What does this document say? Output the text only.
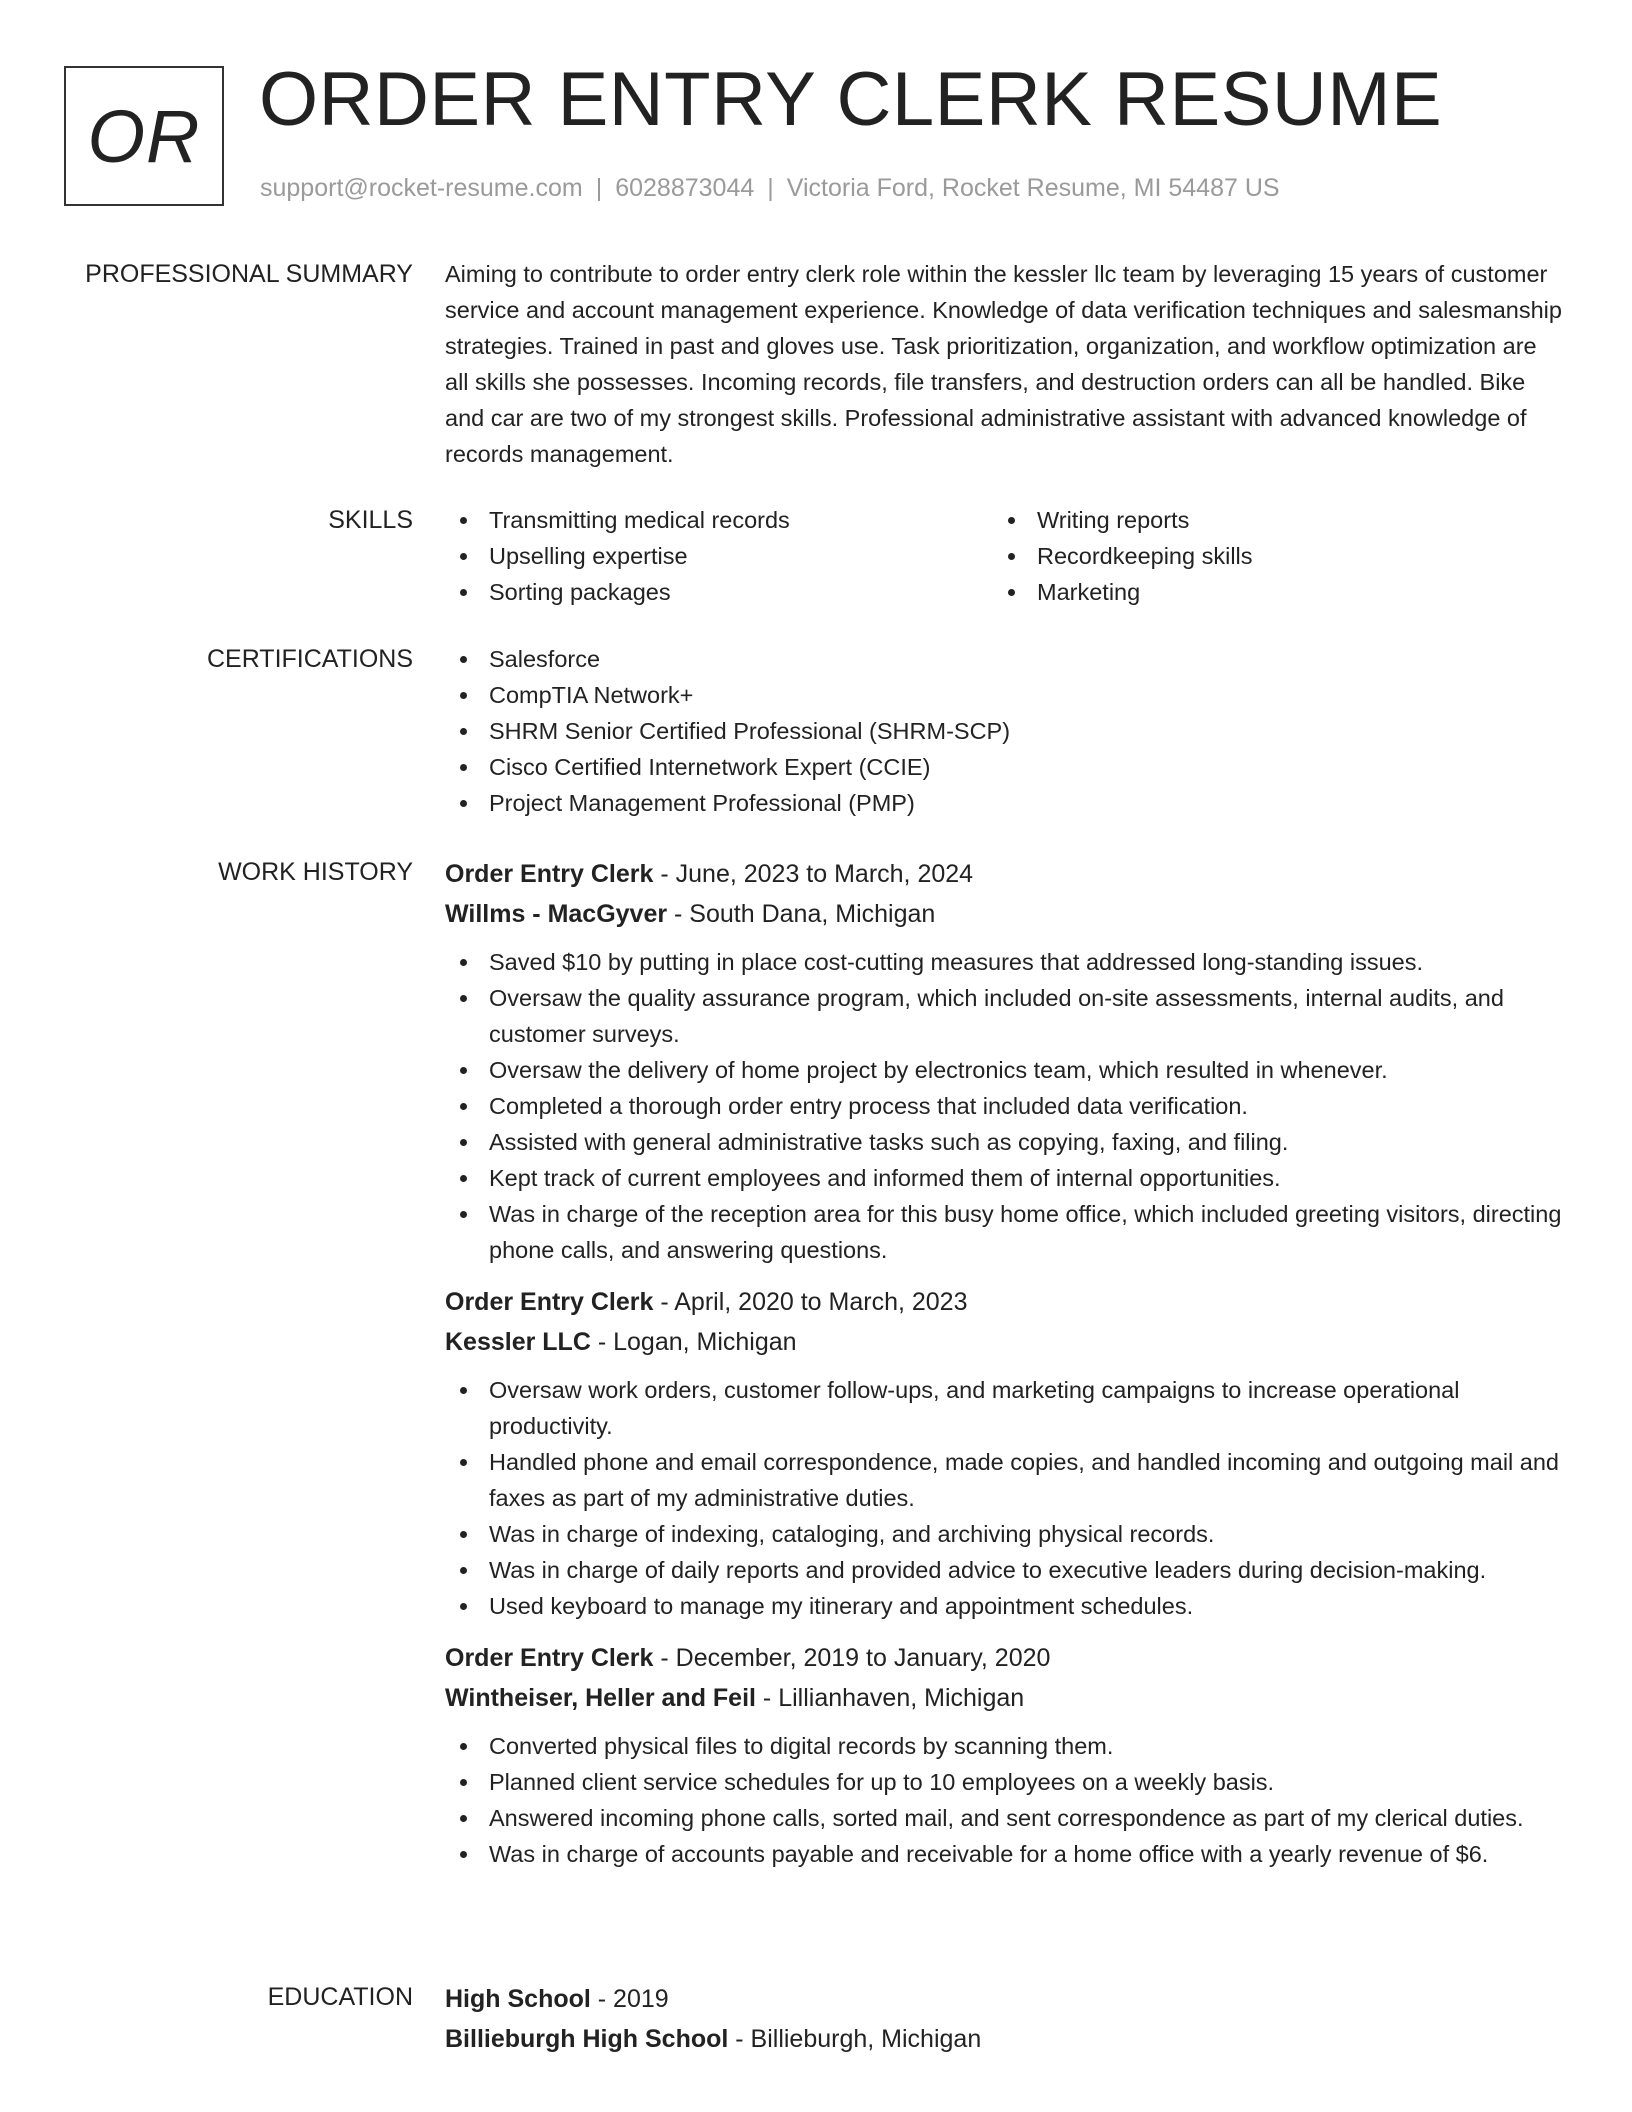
OR ORDER ENTRY CLERK RESUME
support@rocket-resume.com | 6028873044 | Victoria Ford, Rocket Resume, MI 54487 US
PROFESSIONAL SUMMARY Aiming to contribute to order entry clerk role within the kessler llc team by leveraging 15 years of customer service and account management experience. Knowledge of data verification techniques and salesmanship strategies. Trained in past and gloves use. Task prioritization, organization, and workflow optimization are all skills she possesses. Incoming records, file transfers, and destruction orders can all be handled. Bike and car are two of my strongest skills. Professional administrative assistant with advanced knowledge of records management.

SKILLS	Transmitting medical records
Upselling expertise
Sorting packages
Writing reports
Recordkeeping skills
Marketing
CERTIFICATIONS	Salesforce
CompTIA Network+
SHRM Senior Certified Professional (SHRM-SCP)
Cisco Certified Internetwork Expert (CCIE)
Project Management Professional (PMP)
WORK HISTORY Order Entry Clerk - June, 2023 to March, 2024
Willms - MacGyver - South Dana, Michigan
Saved $10 by putting in place cost-cutting measures that addressed long-standing issues.
Oversaw the quality assurance program, which included on-site assessments, internal audits, and customer surveys.
Oversaw the delivery of home project by electronics team, which resulted in whenever.
Completed a thorough order entry process that included data verification.
Assisted with general administrative tasks such as copying, faxing, and filing.
Kept track of current employees and informed them of internal opportunities.
Was in charge of the reception area for this busy home office, which included greeting visitors, directing phone calls, and answering questions.
Order Entry Clerk - April, 2020 to March, 2023
Kessler LLC - Logan, Michigan
Oversaw work orders, customer follow-ups, and marketing campaigns to increase operational productivity.
Handled phone and email correspondence, made copies, and handled incoming and outgoing mail and faxes as part of my administrative duties.
Was in charge of indexing, cataloging, and archiving physical records.
Was in charge of daily reports and provided advice to executive leaders during decision-making.
Used keyboard to manage my itinerary and appointment schedules.
Order Entry Clerk - December, 2019 to January, 2020
Wintheiser, Heller and Feil - Lillianhaven, Michigan
Converted physical files to digital records by scanning them.
Planned client service schedules for up to 10 employees on a weekly basis.
Answered incoming phone calls, sorted mail, and sent correspondence as part of my clerical duties.
Was in charge of accounts payable and receivable for a home office with a yearly revenue of $6.
EDUCATION High School - 2019
Billieburgh High School - Billieburgh, Michigan
